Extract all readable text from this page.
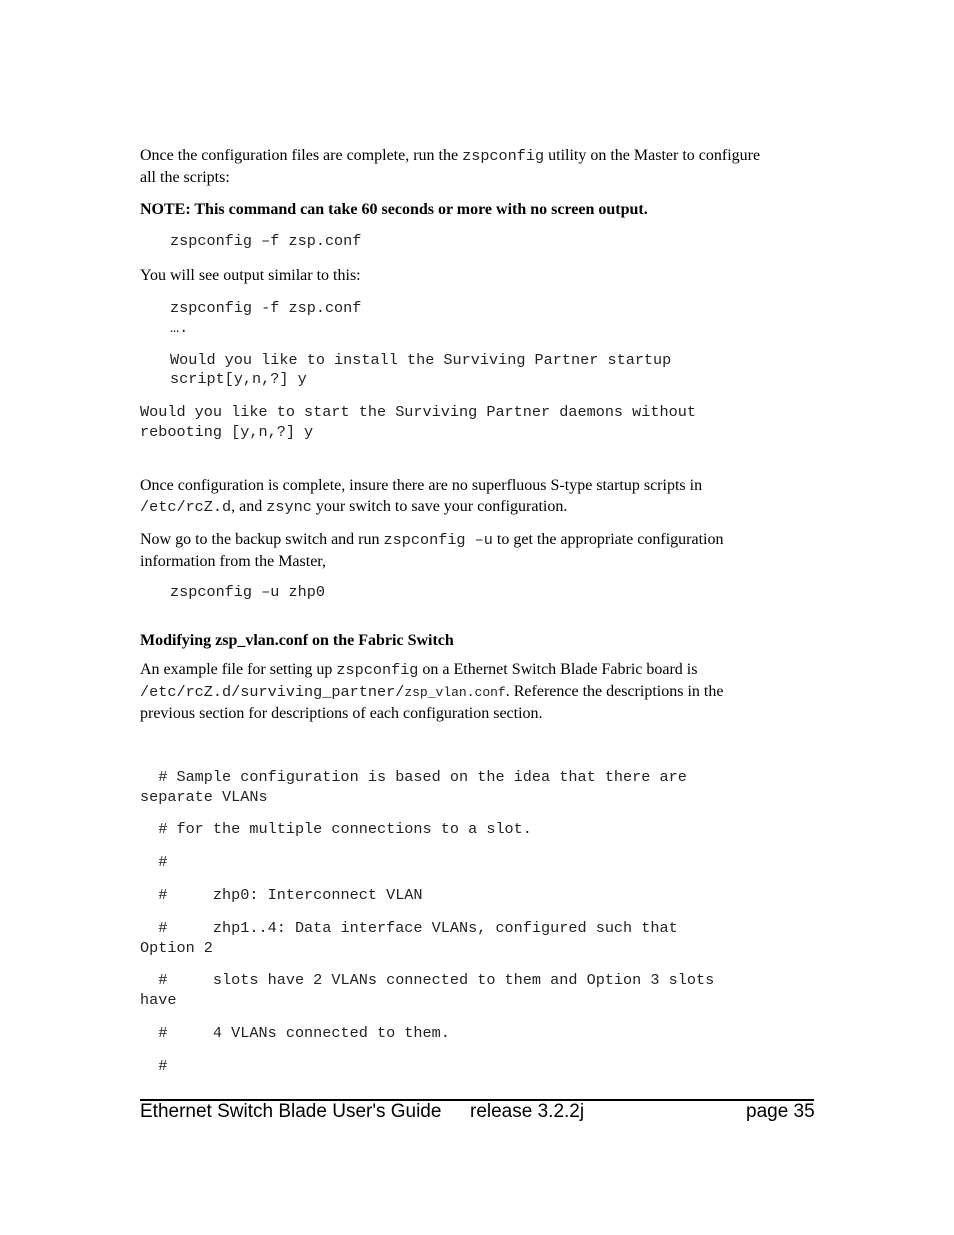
Once the configuration files are complete, run the zspconfig utility on the Master to configure
all the scripts:
NOTE: This command can take 60 seconds or more with no screen output.
zspconfig –f zsp.conf
You will see output similar to this:
zspconfig -f zsp.conf
….
Would you like to install the Surviving Partner startup
script[y,n,?] y
Would you like to start the Surviving Partner daemons without
rebooting [y,n,?] y
Once configuration is complete, insure there are no superfluous S-type startup scripts in
/etc/rcZ.d, and zsync your switch to save your configuration.
Now go to the backup switch and run zspconfig –u to get the appropriate configuration
information from the Master,
zspconfig –u zhp0
Modifying zsp_vlan.conf on the Fabric Switch
An example file for setting up zspconfig on a Ethernet Switch Blade Fabric board is
/etc/rcZ.d/surviving_partner/zsp_vlan.conf. Reference the descriptions in the
previous section for descriptions of each configuration section.
# Sample configuration is based on the idea that there are
separate VLANs
# for the multiple connections to a slot.
#
#     zhp0: Interconnect VLAN
#     zhp1..4: Data interface VLANs, configured such that
Option 2
#     slots have 2 VLANs connected to them and Option 3 slots
have
#     4 VLANs connected to them.
#
Ethernet Switch Blade User's Guide release 3.2.2j	page 35
